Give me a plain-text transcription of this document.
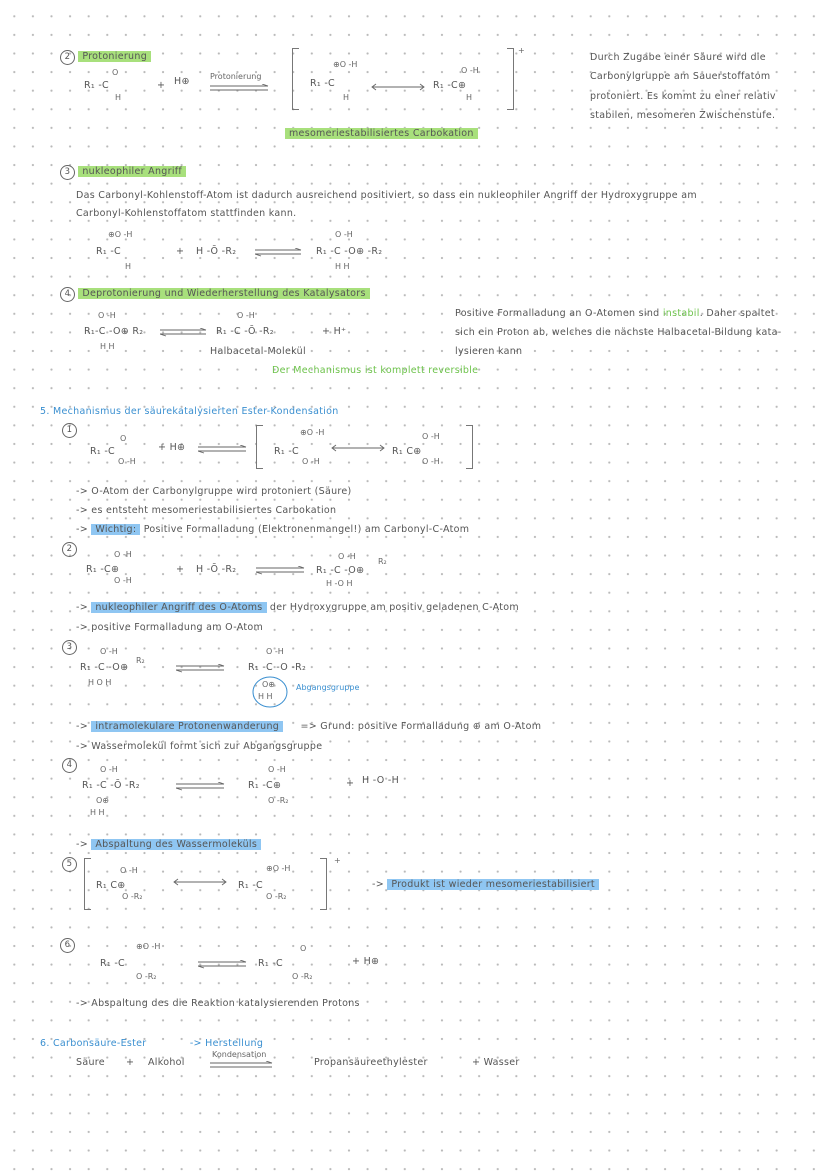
2 Protonierung
O
R₁ -C
H
+ H⊕	Protonierung
⊕O -H
R₁ -C
H
O -H
R₁ -C⊕
H
+
Durch Zugabe einer Säure wird die
Carbonylgruppe am Sauerstoffatom
protoniert. Es kommt zu einer relativ
stabilen, mesomeren Zwischenstufe.
mesomeriestabilisiertes Carbokation
3 nukleophiler Angriff
Das Carbonyl-Kohlenstoff-Atom ist dadurch ausreichend positiviert, so dass ein nukleophiler Angriff der Hydroxygruppe am
Carbonyl-Kohlenstoffatom stattfinden kann.
⊕O -H
R₁ -C
H
+ H -Ō -R₂ ⇌
O -H
R₁ -C -O⊕ -R₂
H H
4 Deprotonierung und Wiederherstellung des Katalysators
O -H
R₁-C -O⊕ R₂
H H
O -H
R₁ -C -Ō -R₂	+ H⁺
Halbacetal-Molekül
Positive Formalladung an O-Atomen sind instabil. Daher spaltet
sich ein Proton ab, welches die nächste Halbacetal-Bildung kata-
lysieren kann
Der Mechanismus ist komplett reversible
5. Mechanismus der säurekatalysierten Ester-Kondensation
1
O
R₁ -C
O -H
+ H⊕ ⇌
⊕O -H
R₁ -C
O -H
O -H
R₁ C⊕
O -H
-> O-Atom der Carbonylgruppe wird protoniert (Säure)
-> es entsteht mesomeriestabilisiertes Carbokation
-> Wichtig: Positive Formalladung (Elektronenmangel!) am Carbonyl-C-Atom
2
O -H
R₁ -C⊕
O -H
+ H -Ō -R₂ ⇌
O -H
R₁ -C -O⊕
R₂
H -O H
-> nukleophiler Angriff des O-Atoms der Hydroxygruppe am positiv geladenen C-Atom
-> positive Formalladung am O-Atom
3	O -H
R₁ -C -O⊕
R₂
H O H
O -H
R₁ -C -O -R₂
O⊕
H H
Abgangsgruppe
-> intramolekulare Protonenwanderung => Grund: positive Formalladung ⊕ am O-Atom
-> Wassermolekül formt sich zur Abgangsgruppe
4	O -H
R₁ -C -Ō -R₂
O⊕
H H
O -H
R₁ -C⊕
O -R₂
+ H -O -H
-> Abspaltung des Wassermoleküls
5
O -H
R₁ C⊕
O -R₂
⊕O -H
R₁ -C
O -R₂
+
-> Produkt ist wieder mesomeriestabilisiert
6	⊕O -H
R₁ -C
O -R₂
O
R₁ -C
O -R₂
+ H⊕
-> Abspaltung des die Reaktion katalysierenden Protons
6. Carbonsäure-Ester	-> Herstellung
Säure + Alkohol
Kondensation
Propansäureethylester	+ Wasser
